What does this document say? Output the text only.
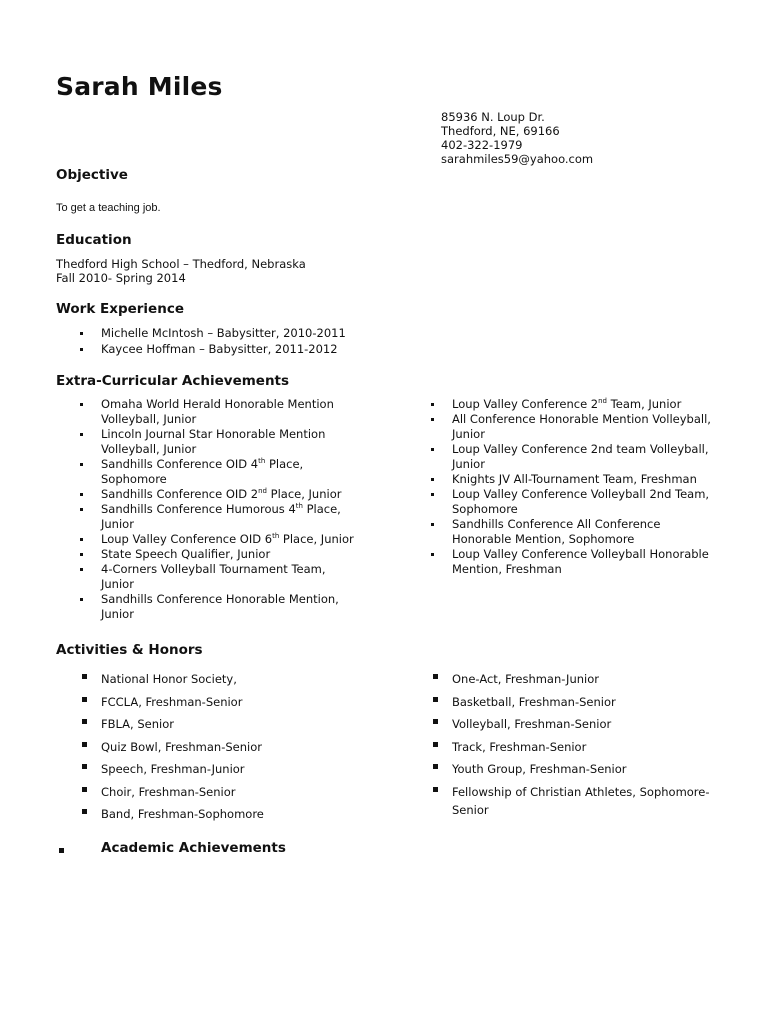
Sarah Miles
85936 N. Loup Dr.
Thedford, NE, 69166
402-322-1979
sarahmiles59@yahoo.com
Objective
To get a teaching job.
Education
Thedford High School – Thedford, Nebraska
Fall 2010- Spring 2014
Work Experience
Michelle McIntosh – Babysitter, 2010-2011
Kaycee Hoffman – Babysitter, 2011-2012
Extra-Curricular Achievements
Omaha World Herald Honorable Mention
Volleyball, Junior
Lincoln Journal Star Honorable Mention
Volleyball, Junior
Sandhills Conference OID 4th Place,
Sophomore
Sandhills Conference OID 2nd Place, Junior
Sandhills Conference Humorous 4th Place,
Junior
Loup Valley Conference OID 6th Place, Junior
State Speech Qualifier, Junior
4-Corners Volleyball Tournament Team,
Junior
Sandhills Conference Honorable Mention,
Junior
Loup Valley Conference 2nd Team, Junior
All Conference Honorable Mention Volleyball,
Junior
Loup Valley Conference 2nd team Volleyball,
Junior
Knights JV All-Tournament Team, Freshman
Loup Valley Conference Volleyball 2nd Team,
Sophomore
Sandhills Conference All Conference
Honorable Mention, Sophomore
Loup Valley Conference Volleyball Honorable
Mention, Freshman
Activities & Honors
National Honor Society,
FCCLA, Freshman-Senior
FBLA, Senior
Quiz Bowl, Freshman-Senior
Speech, Freshman-Junior
Choir, Freshman-Senior
Band, Freshman-Sophomore
One-Act, Freshman-Junior
Basketball, Freshman-Senior
Volleyball, Freshman-Senior
Track, Freshman-Senior
Youth Group, Freshman-Senior
Fellowship of Christian Athletes, Sophomore-
Senior
Academic Achievements
